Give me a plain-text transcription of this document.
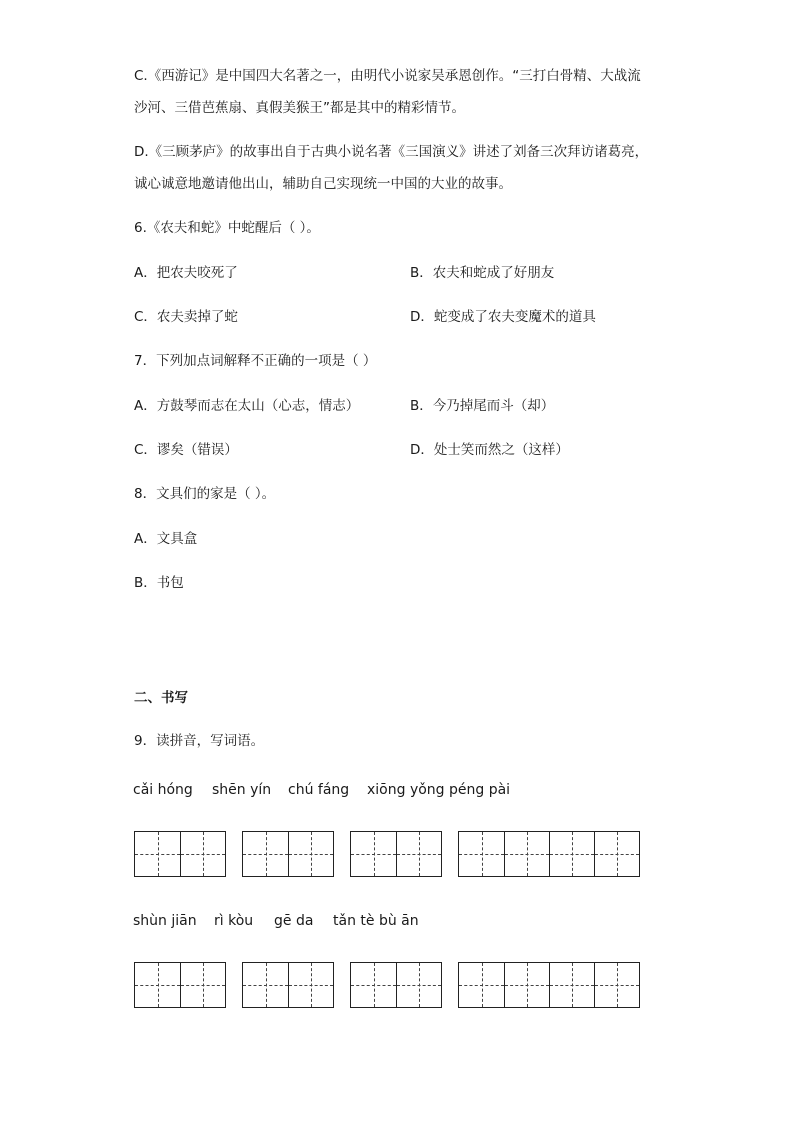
C.《西游记》是中国四大名著之一，由明代小说家吴承恩创作。“三打白骨精、大战流
沙河、三借芭蕉扇、真假美猴王”都是其中的精彩情节。
D.《三顾茅庐》的故事出自于古典小说名著《三国演义》讲述了刘备三次拜访诸葛亮，
诚心诚意地邀请他出山，辅助自己实现统一中国的大业的故事。
6.《农夫和蛇》中蛇醒后（ ）。
A．把农夫咬死了	B．农夫和蛇成了好朋友
C．农夫卖掉了蛇	D．蛇变成了农夫变魔术的道具
7．下列加点词解释不正确的一项是（ ）
A．方鼓琴而志在太山（心志，情志）	B．今乃掉尾而斗（却）
C．谬矣（错误）	D．处士笑而然之（这样）
8．文具们的家是（ ）。
A．文具盒
B．书包
二、书写
9．读拼音，写词语。
cǎi hóng shēn yín chú fáng xiōng yǒng péng pài
shùn jiān rì kòu gē da tǎn tè bù ān
